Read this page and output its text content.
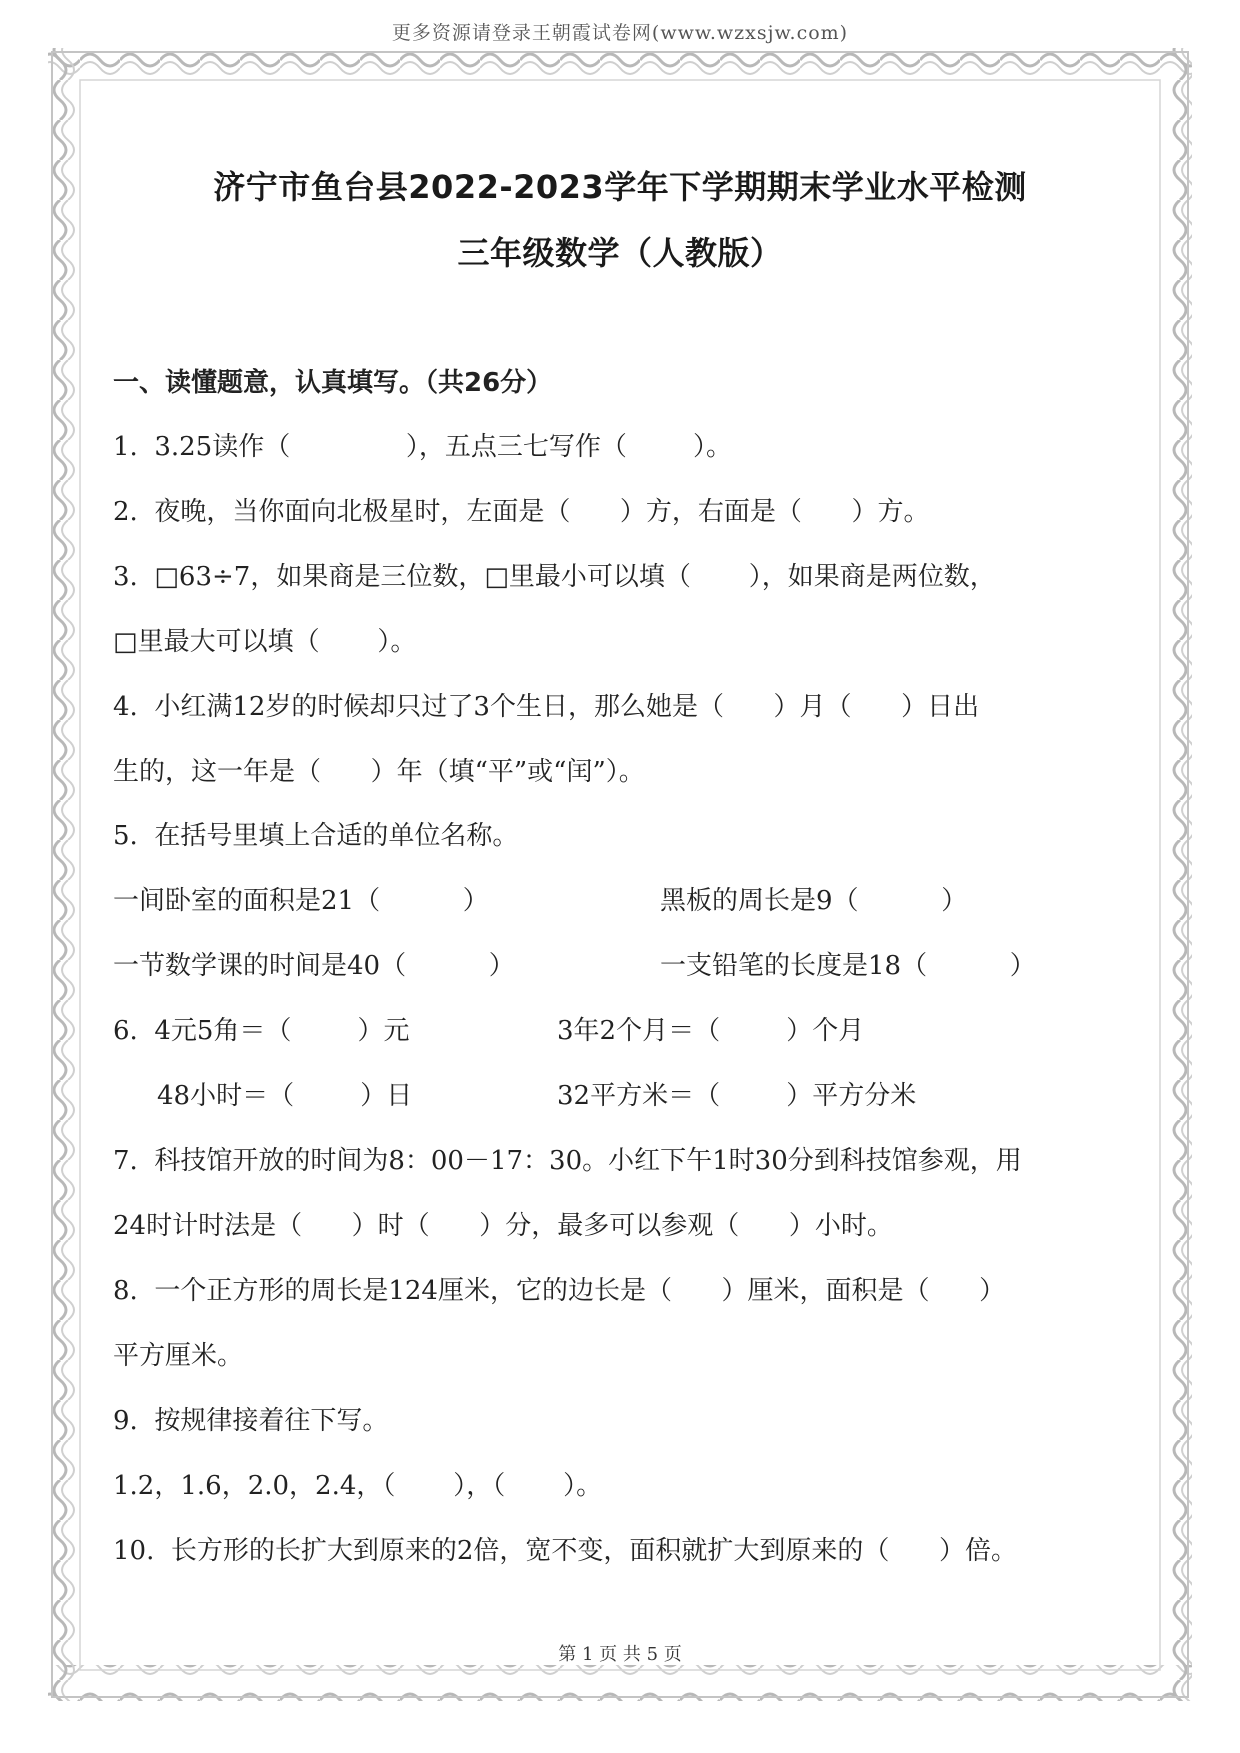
更多资源请登录王朝霞试卷网(www.wzxsjw.com)
济宁市鱼台县2022-2023学年下学期期末学业水平检测
三年级数学（人教版）
一、读懂题意，认真填写。（共26分）
1.  3.25读作（              ），五点三七写作（        ）。
2.  夜晚，当你面向北极星时，左面是（      ）方，右面是（      ）方。
3.  □63÷7，如果商是三位数，□里最小可以填（       ），如果商是两位数，
□里最大可以填（       ）。
4.  小红满12岁的时候却只过了3个生日，那么她是（      ）月（      ）日出
生的，这一年是（      ）年（填“平”或“闰”）。
5.  在括号里填上合适的单位名称。
一间卧室的面积是21（          ）	黑板的周长是9（          ）
一节数学课的时间是40（          ）	一支铅笔的长度是18（          ）
6.  4元5角＝（        ）元	3年2个月＝（        ）个月
48小时＝（        ）日	32平方米＝（        ）平方分米
7.  科技馆开放的时间为8：00－17：30。小红下午1时30分到科技馆参观，用
24时计时法是（      ）时（      ）分，最多可以参观（      ）小时。
8.  一个正方形的周长是124厘米，它的边长是（      ）厘米，面积是（      ）
平方厘米。
9.  按规律接着往下写。
1.2，1.6，2.0，2.4，（       ），（       ）。
10.  长方形的长扩大到原来的2倍，宽不变，面积就扩大到原来的（      ）倍。
第 1 页 共 5 页
